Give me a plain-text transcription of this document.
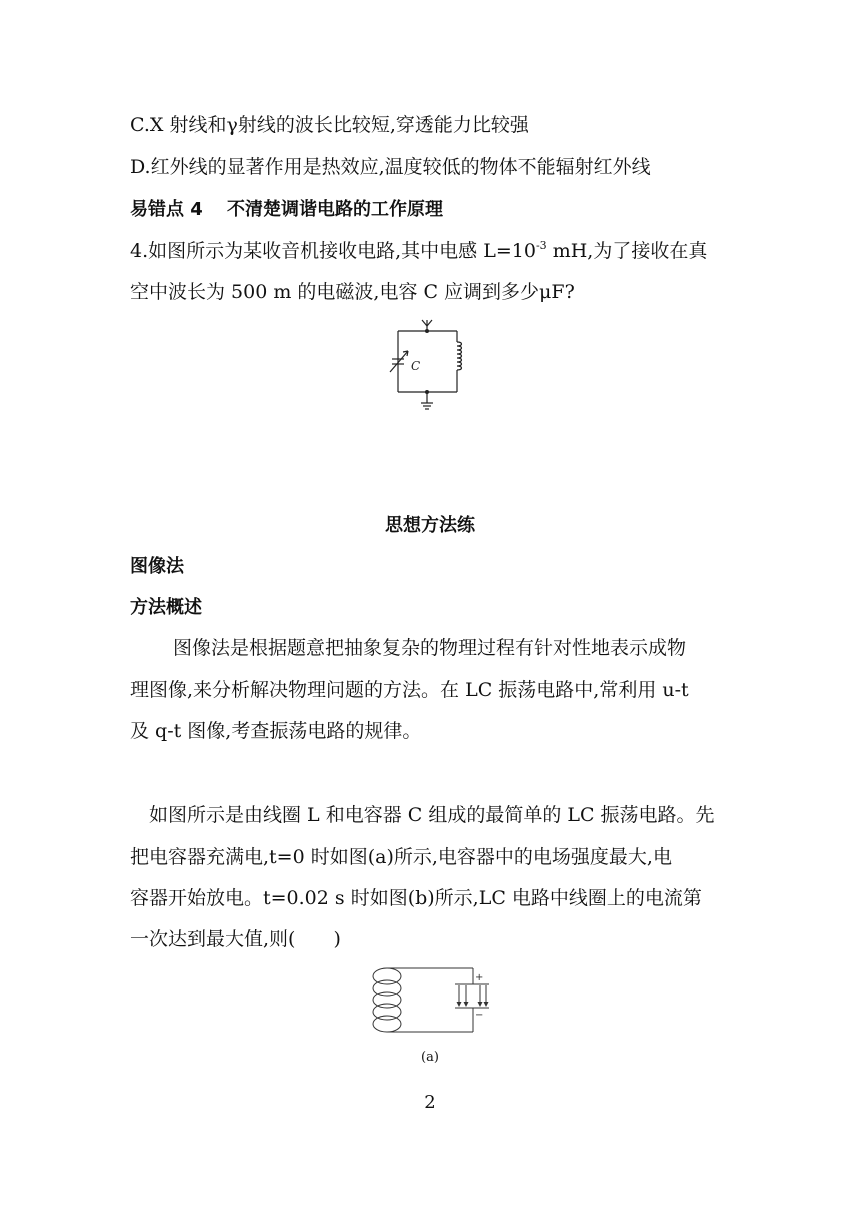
C.X 射线和γ射线的波长比较短,穿透能力比较强
D.红外线的显著作用是热效应,温度较低的物体不能辐射红外线
易错点 4　 不清楚调谐电路的工作原理
4.如图所示为某收音机接收电路,其中电感 $L=10^{-3}$ mH,为了接收在真
空中波长为 500 m 的电磁波,电容 C 应调到多少μF?
C
思想方法练
图像法
方法概述
图像法是根据题意把抽象复杂的物理过程有针对性地表示成物
理图像,来分析解决物理问题的方法。在 LC 振荡电路中,常利用 u-t
及 q-t 图像,考查振荡电路的规律。
如图所示是由线圈 L 和电容器 C 组成的最简单的 LC 振荡电路。先
把电容器充满电,t=0 时如图(a)所示,电容器中的电场强度最大,电
容器开始放电。t=0.02 s 时如图(b)所示,LC 电路中线圈上的电流第
一次达到最大值,则(　　)
+
−
(a)
2
